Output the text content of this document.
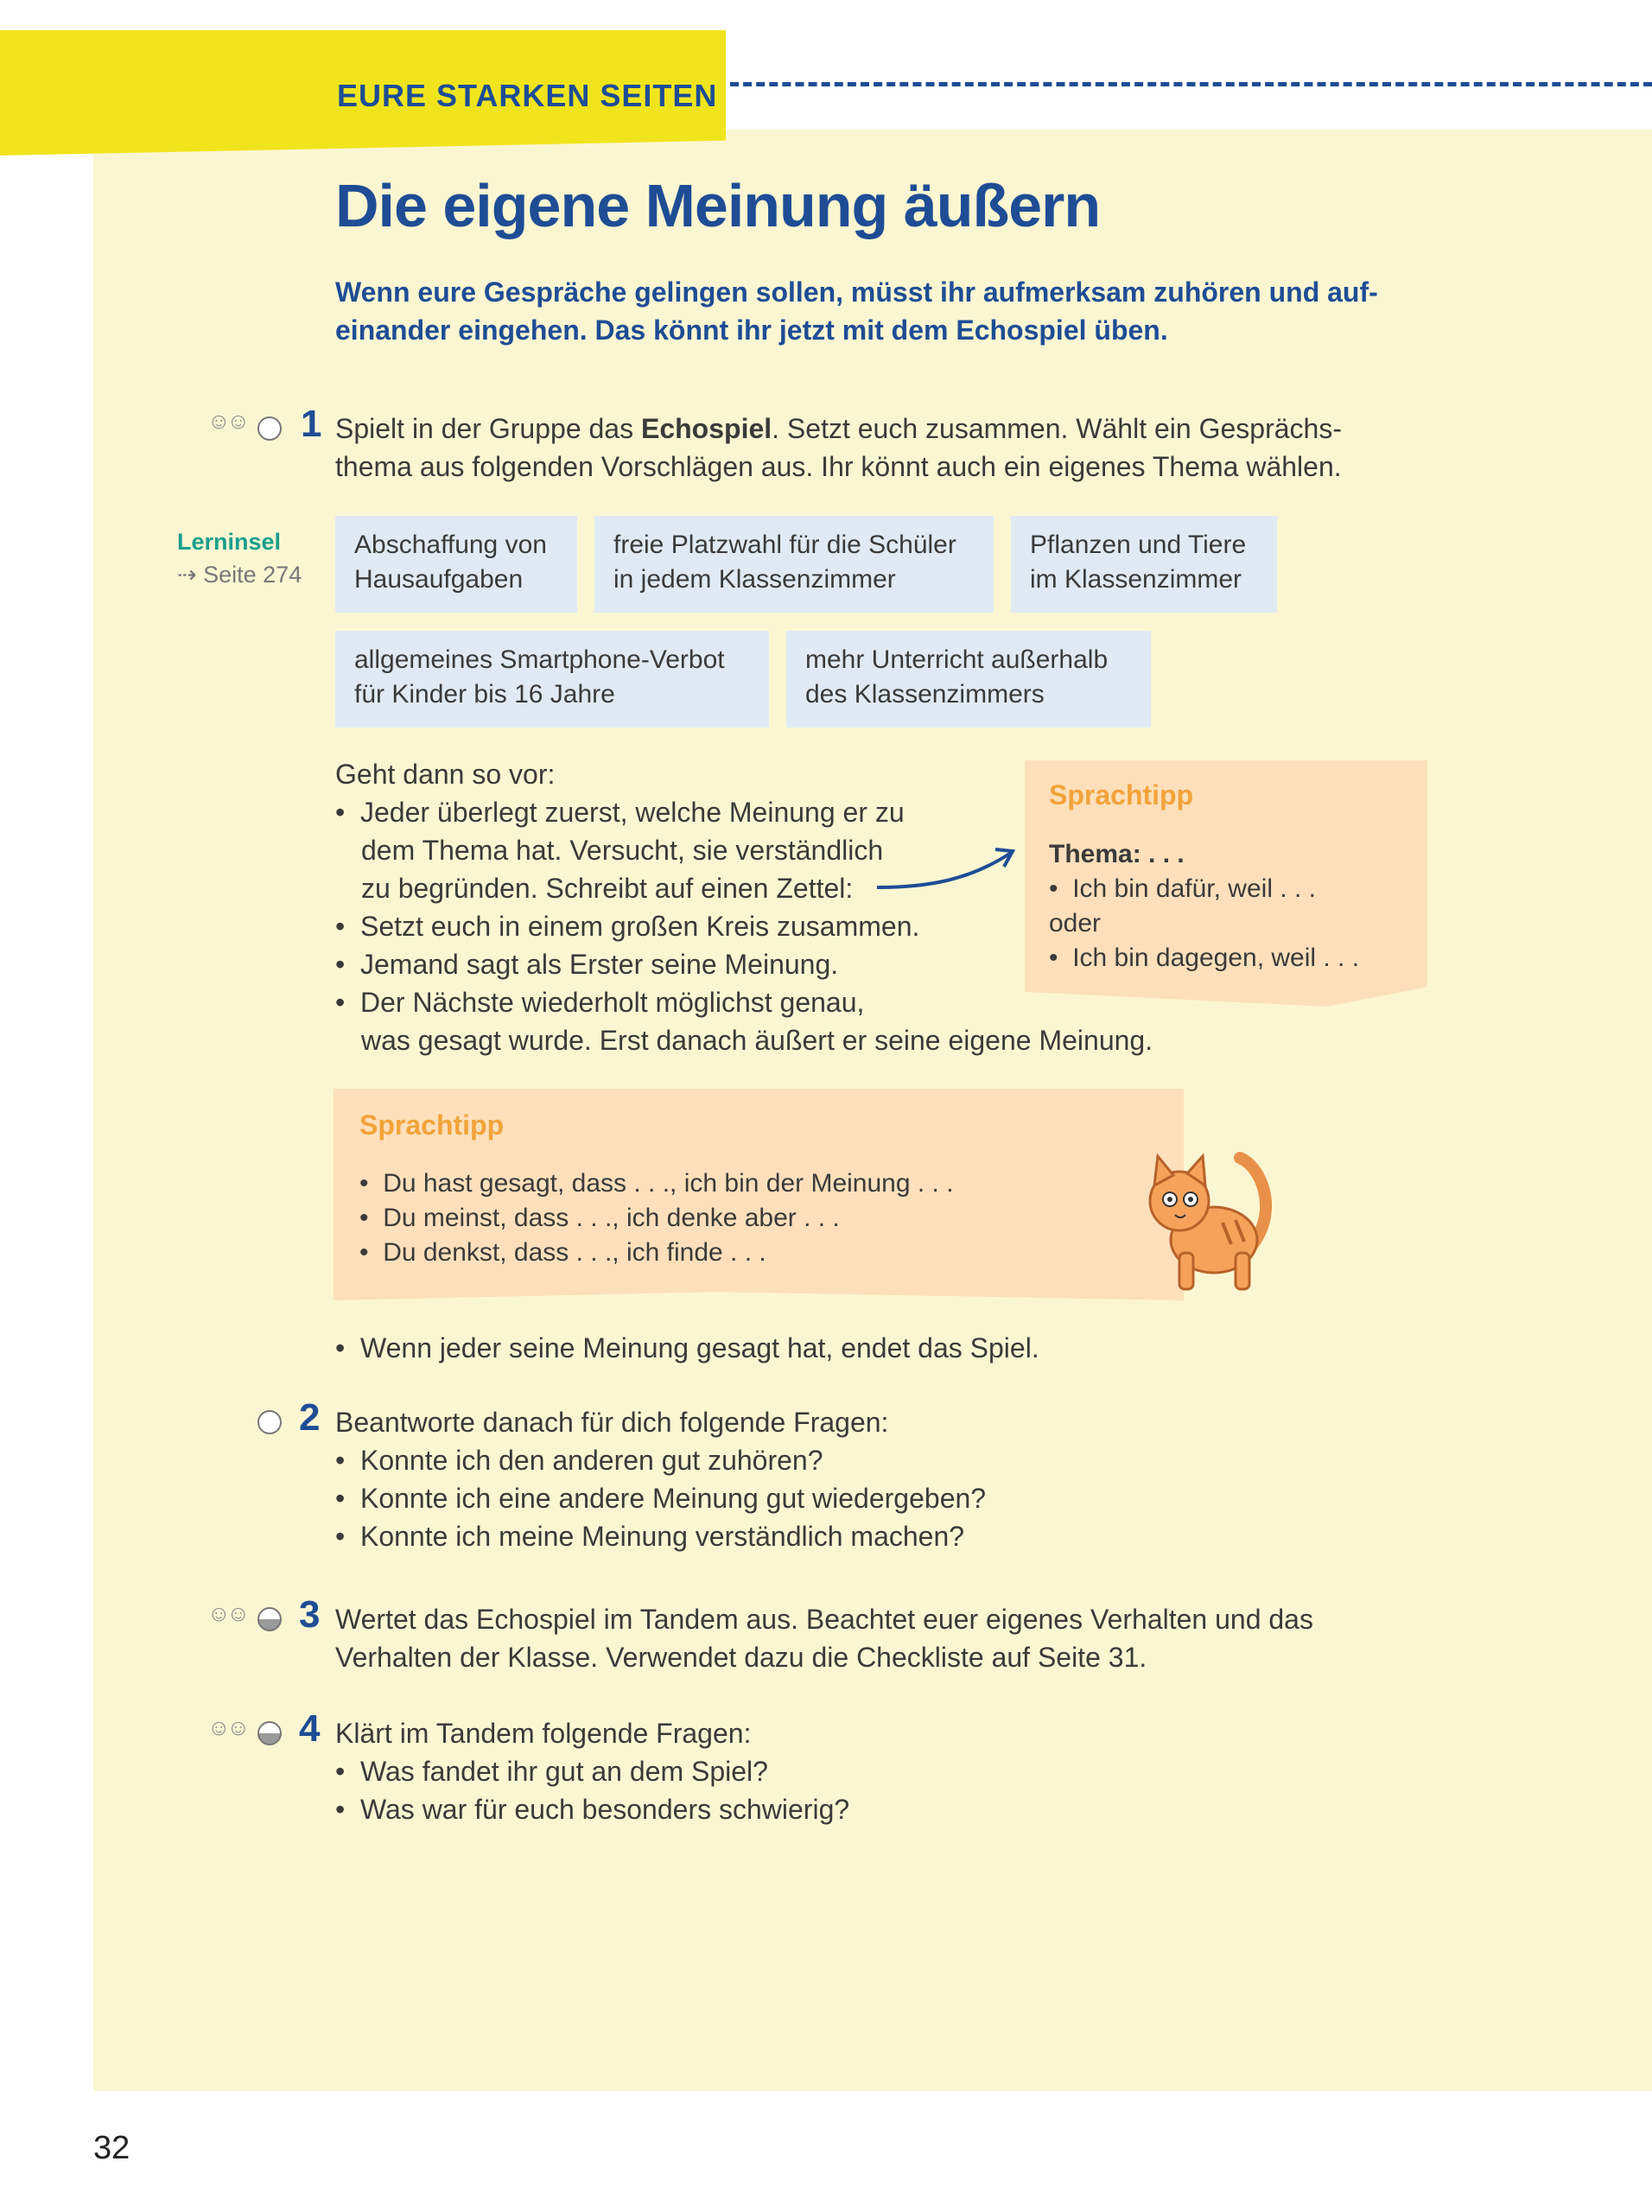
EURE STARKEN SEITEN
Die eigene Meinung äußern
Wenn eure Gespräche gelingen sollen, müsst ihr aufmerksam zuhören und auf-
einander eingehen. Das könnt ihr jetzt mit dem Echospiel üben.
☺☺ 1 Spielt in der Gruppe das Echospiel. Setzt euch zusammen. Wählt ein Gesprächs-
thema aus folgenden Vorschlägen aus. Ihr könnt auch ein eigenes Thema wählen.
Lerninsel
⇢ Seite 274
Abschaffung von
Hausaufgaben
freie Platzwahl für die Schüler
in jedem Klassenzimmer
Pflanzen und Tiere
im Klassenzimmer
allgemeines Smartphone-Verbot
für Kinder bis 16 Jahre
mehr Unterricht außerhalb
des Klassenzimmers
Geht dann so vor:
•  Jeder überlegt zuerst, welche Meinung er zu
dem Thema hat. Versucht, sie verständlich
zu begründen. Schreibt auf einen Zettel:
•  Setzt euch in einem großen Kreis zusammen.
•  Jemand sagt als Erster seine Meinung.
•  Der Nächste wiederholt möglichst genau,
was gesagt wurde. Erst danach äußert er seine eigene Meinung.
Sprachtipp
Thema: . . .
•  Ich bin dafür, weil . . .
oder
•  Ich bin dagegen, weil . . .
Sprachtipp
•  Du hast gesagt, dass . . ., ich bin der Meinung . . .
•  Du meinst, dass . . ., ich denke aber . . .
•  Du denkst, dass . . ., ich finde . . .
•  Wenn jeder seine Meinung gesagt hat, endet das Spiel.
2 Beantworte danach für dich folgende Fragen:
•  Konnte ich den anderen gut zuhören?
•  Konnte ich eine andere Meinung gut wiedergeben?
•  Konnte ich meine Meinung verständlich machen?
☺☺ 3 Wertet das Echospiel im Tandem aus. Beachtet euer eigenes Verhalten und das
Verhalten der Klasse. Verwendet dazu die Checkliste auf Seite 31.
☺☺ 4 Klärt im Tandem folgende Fragen:
•  Was fandet ihr gut an dem Spiel?
•  Was war für euch besonders schwierig?
32
